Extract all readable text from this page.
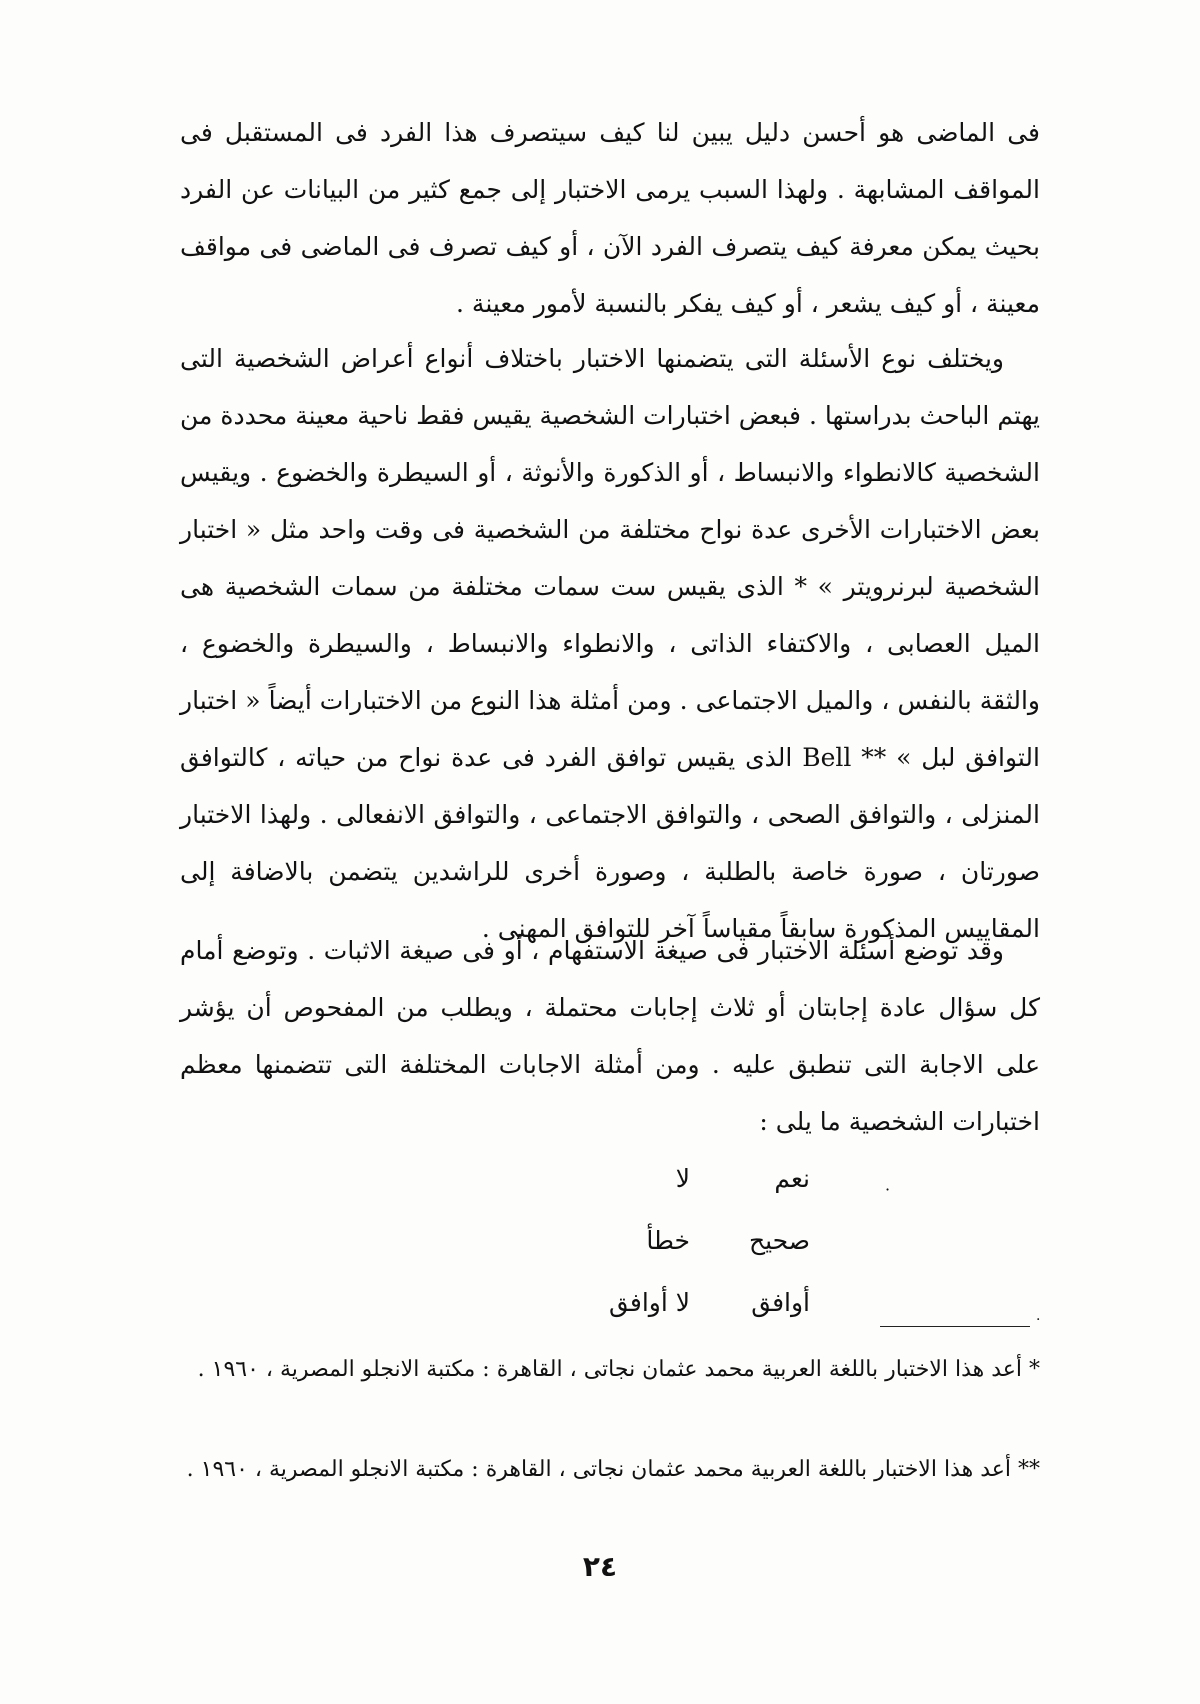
فى الماضى هو أحسن دليل يبين لنا كيف سيتصرف هذا الفرد فى المستقبل فى المواقف المشابهة . ولهذا السبب يرمى الاختبار إلى جمع كثير من البيانات عن الفرد بحيث يمكن معرفة كيف يتصرف الفرد الآن ، أو كيف تصرف فى الماضى فى مواقف معينة ، أو كيف يشعر ، أو كيف يفكر بالنسبة لأمور معينة .

ويختلف نوع الأسئلة التى يتضمنها الاختبار باختلاف أنواع أعراض الشخصية التى يهتم الباحث بدراستها . فبعض اختبارات الشخصية يقيس فقط ناحية معينة محددة من الشخصية كالانطواء والانبساط ، أو الذكورة والأنوثة ، أو السيطرة والخضوع . ويقيس بعض الاختبارات الأخرى عدة نواح مختلفة من الشخصية فى وقت واحد مثل « اختبار الشخصية لبرنرويتر » * الذى يقيس ست سمات مختلفة من سمات الشخصية هى الميل العصابى ، والاكتفاء الذاتى ، والانطواء والانبساط ، والسيطرة والخضوع ، والثقة بالنفس ، والميل الاجتماعى . ومن أمثلة هذا النوع من الاختبارات أيضاً « اختبار التوافق لبل » ** Bell الذى يقيس توافق الفرد فى عدة نواح من حياته ، كالتوافق المنزلى ، والتوافق الصحى ، والتوافق الاجتماعى ، والتوافق الانفعالى . ولهذا الاختبار صورتان ، صورة خاصة بالطلبة ، وصورة أخرى للراشدين يتضمن بالاضافة إلى المقاييس المذكورة سابقاً مقياساً آخر للتوافق المهنى .

وقد توضع أسئلة الاختبار فى صيغة الاستفهام ، أو فى صيغة الاثبات . وتوضع أمام كل سؤال عادة إجابتان أو ثلاث إجابات محتملة ، ويطلب من المفحوص أن يؤشر على الاجابة التى تنطبق عليه . ومن أمثلة الاجابات المختلفة التى تتضمنها معظم اختبارات الشخصية ما يلى :

نعم
لا
صحيح
خطأ
أوافق
لا أوافق
·
·

* أعد هذا الاختبار باللغة العربية محمد عثمان نجاتى ، القاهرة : مكتبة الانجلو المصرية ، ١٩٦٠ .

** أعد هذا الاختبار باللغة العربية محمد عثمان نجاتى ، القاهرة : مكتبة الانجلو المصرية ، ١٩٦٠ .

٢٤
